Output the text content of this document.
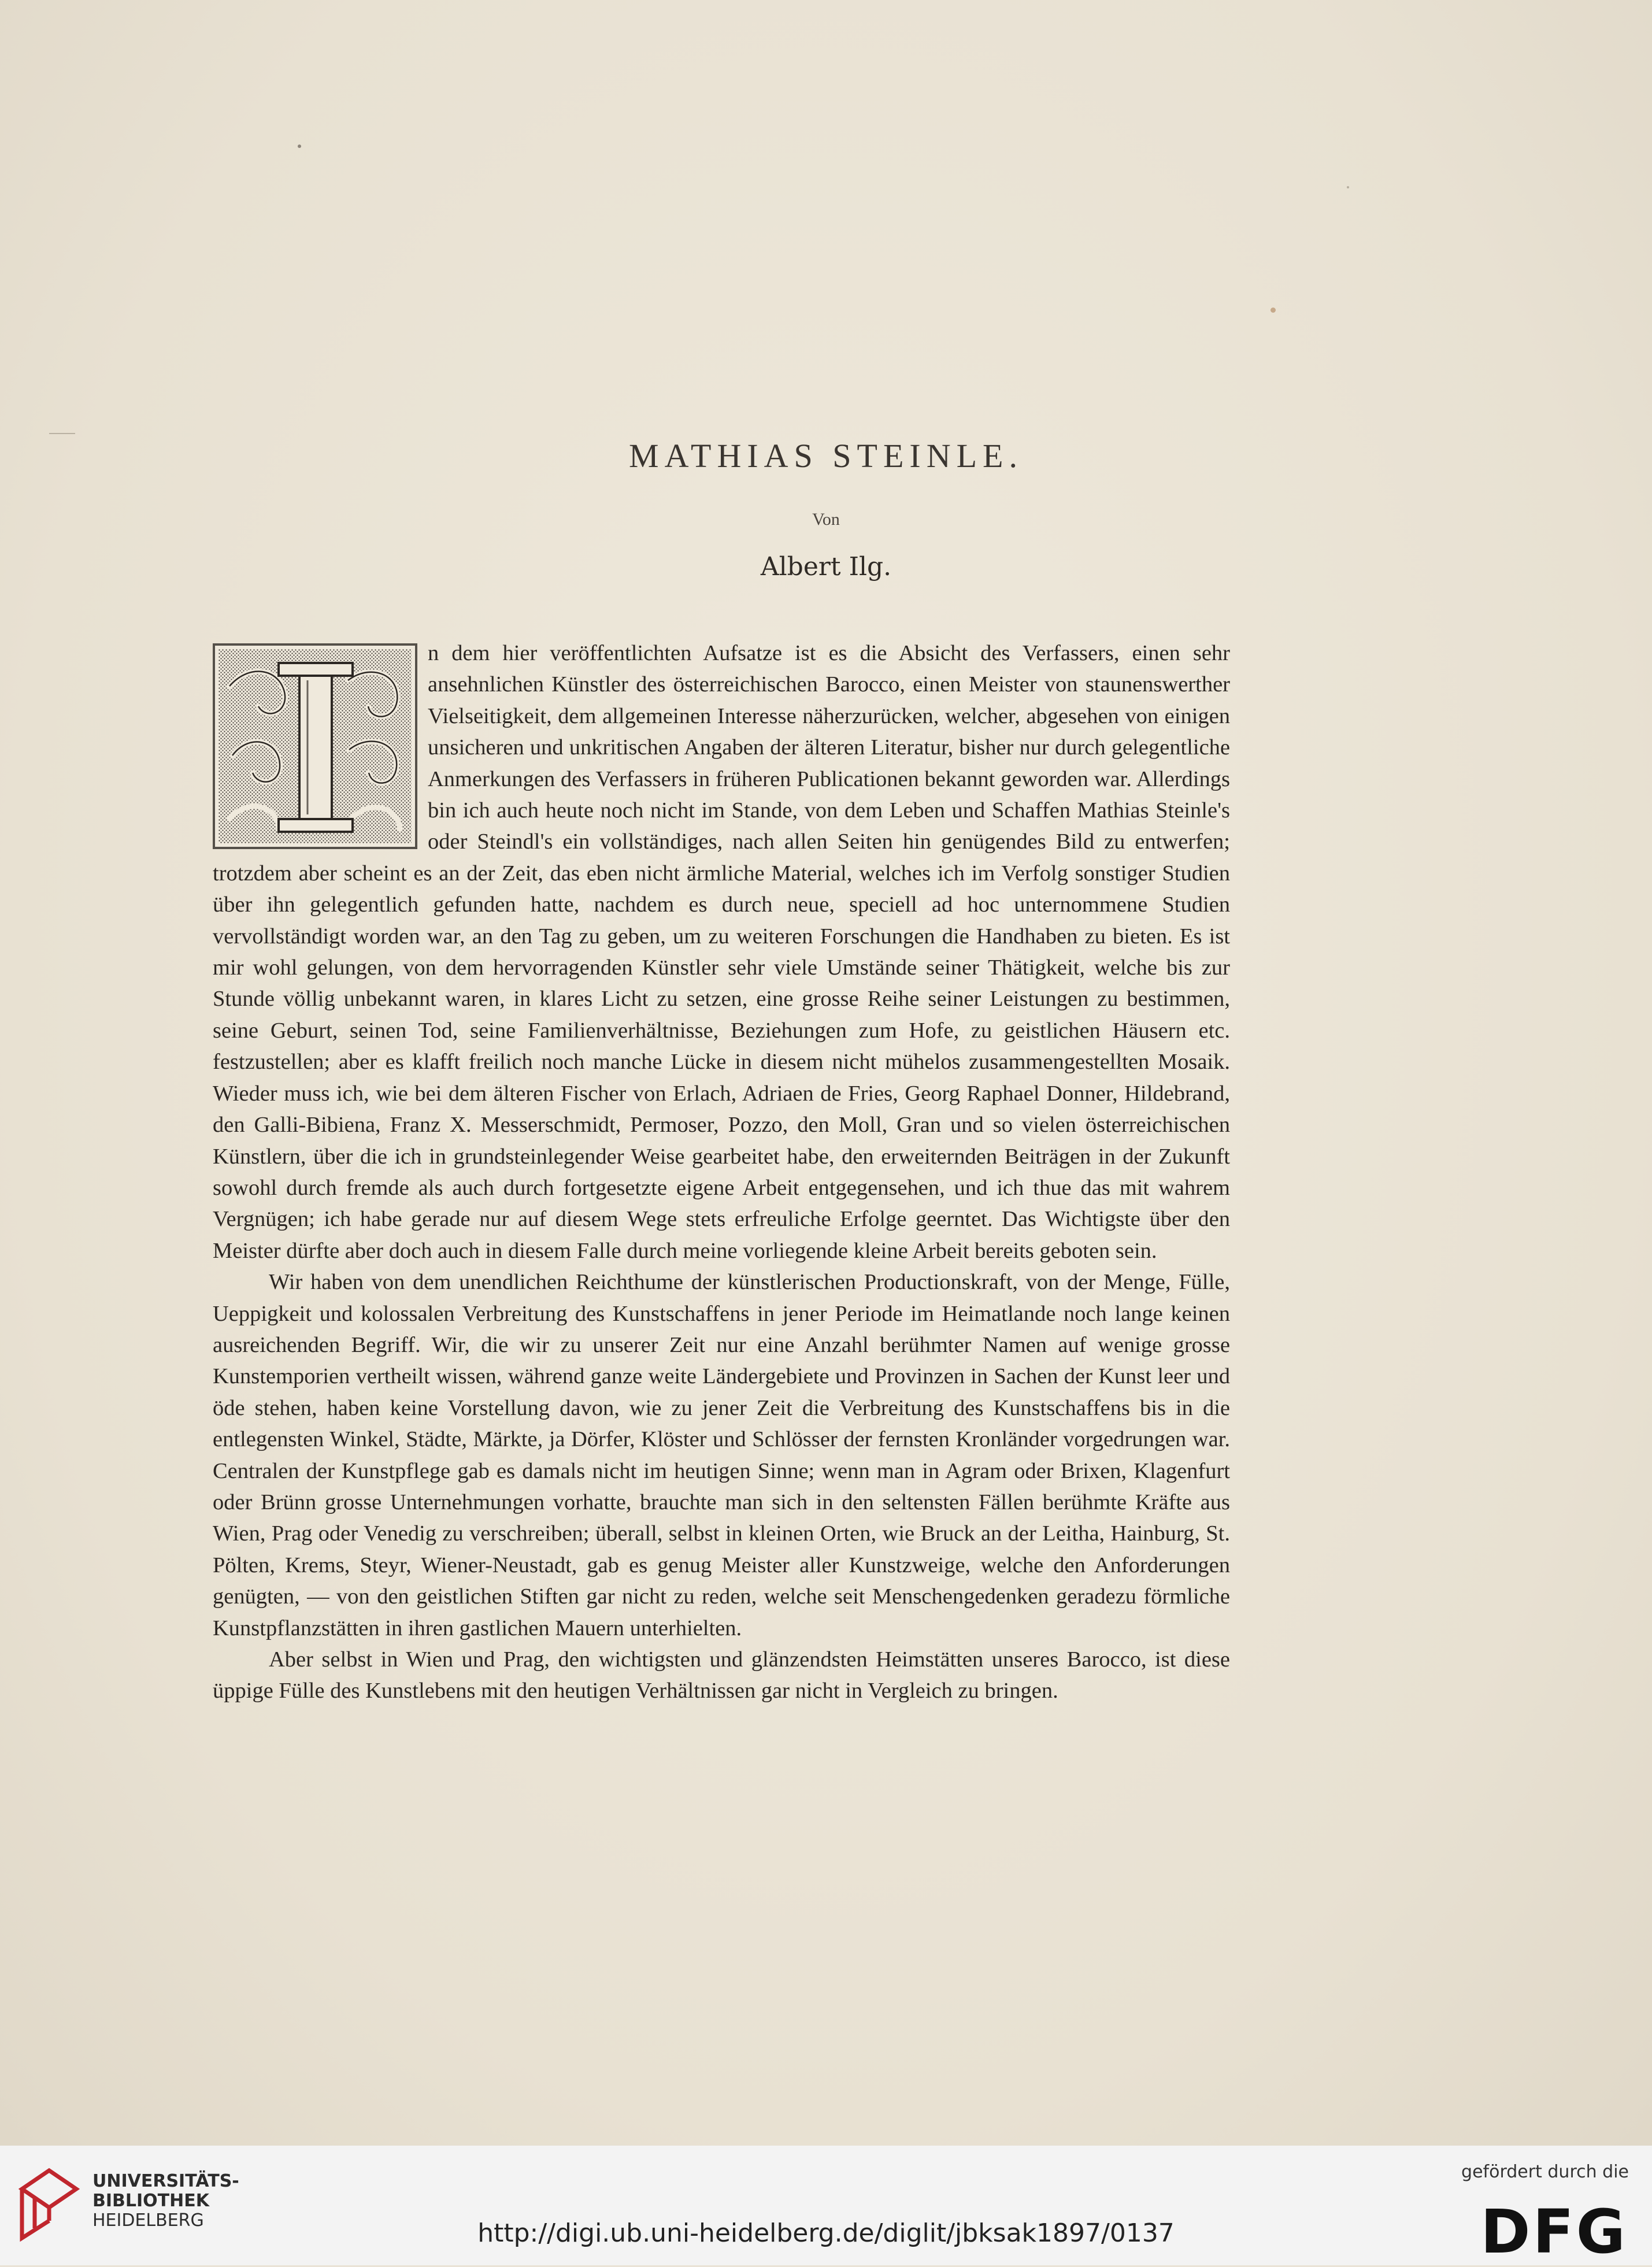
MATHIAS STEINLE.
Von
Albert Ilg.

n dem hier veröffentlichten Aufsatze ist es die Absicht des Verfassers, einen sehr ansehnlichen Künstler des österreichischen Barocco, einen Meister von staunenswerther Vielseitigkeit, dem allgemeinen Interesse näherzurücken, welcher, abgesehen von einigen unsicheren und unkritischen Angaben der älteren Literatur, bisher nur durch gelegentliche Anmerkungen des Verfassers in früheren Publicationen bekannt geworden war. Allerdings bin ich auch heute noch nicht im Stande, von dem Leben und Schaffen Mathias Steinle's oder Steindl's ein vollständiges, nach allen Seiten hin genügendes Bild zu entwerfen; trotzdem aber scheint es an der Zeit, das eben nicht ärmliche Material, welches ich im Verfolg sonstiger Studien über ihn gelegentlich gefunden hatte, nachdem es durch neue, speciell ad hoc unternommene Studien vervollständigt worden war, an den Tag zu geben, um zu weiteren Forschungen die Handhaben zu bieten. Es ist mir wohl gelungen, von dem hervorragenden Künstler sehr viele Umstände seiner Thätigkeit, welche bis zur Stunde völlig unbekannt waren, in klares Licht zu setzen, eine grosse Reihe seiner Leistungen zu bestimmen, seine Geburt, seinen Tod, seine Familienverhältnisse, Beziehungen zum Hofe, zu geistlichen Häusern etc. festzustellen; aber es klafft freilich noch manche Lücke in diesem nicht mühelos zusammengestellten Mosaik. Wieder muss ich, wie bei dem älteren Fischer von Erlach, Adriaen de Fries, Georg Raphael Donner, Hildebrand, den Galli-Bibiena, Franz X. Messerschmidt, Permoser, Pozzo, den Moll, Gran und so vielen österreichischen Künstlern, über die ich in grundsteinlegender Weise gearbeitet habe, den erweiternden Beiträgen in der Zukunft sowohl durch fremde als auch durch fortgesetzte eigene Arbeit entgegensehen, und ich thue das mit wahrem Vergnügen; ich habe gerade nur auf diesem Wege stets erfreuliche Erfolge geerntet. Das Wichtigste über den Meister dürfte aber doch auch in diesem Falle durch meine vorliegende kleine Arbeit bereits geboten sein.

Wir haben von dem unendlichen Reichthume der künstlerischen Productionskraft, von der Menge, Fülle, Ueppigkeit und kolossalen Verbreitung des Kunstschaffens in jener Periode im Heimatlande noch lange keinen ausreichenden Begriff. Wir, die wir zu unserer Zeit nur eine Anzahl berühmter Namen auf wenige grosse Kunstemporien vertheilt wissen, während ganze weite Ländergebiete und Provinzen in Sachen der Kunst leer und öde stehen, haben keine Vorstellung davon, wie zu jener Zeit die Verbreitung des Kunstschaffens bis in die entlegensten Winkel, Städte, Märkte, ja Dörfer, Klöster und Schlösser der fernsten Kronländer vorgedrungen war. Centralen der Kunstpflege gab es damals nicht im heutigen Sinne; wenn man in Agram oder Brixen, Klagenfurt oder Brünn grosse Unternehmungen vorhatte, brauchte man sich in den seltensten Fällen berühmte Kräfte aus Wien, Prag oder Venedig zu verschreiben; überall, selbst in kleinen Orten, wie Bruck an der Leitha, Hainburg, St. Pölten, Krems, Steyr, Wiener-Neustadt, gab es genug Meister aller Kunstzweige, welche den Anforderungen genügten, — von den geistlichen Stiften gar nicht zu reden, welche seit Menschengedenken geradezu förmliche Kunstpflanzstätten in ihren gastlichen Mauern unterhielten.

Aber selbst in Wien und Prag, den wichtigsten und glänzendsten Heimstätten unseres Barocco, ist diese üppige Fülle des Kunstlebens mit den heutigen Verhältnissen gar nicht in Vergleich zu bringen.

UNIVERSITÄTS-
BIBLIOTHEK
HEIDELBERG	http://digi.ub.uni-heidelberg.de/diglit/jbksak1897/0137
gefördert durch die
DFG
